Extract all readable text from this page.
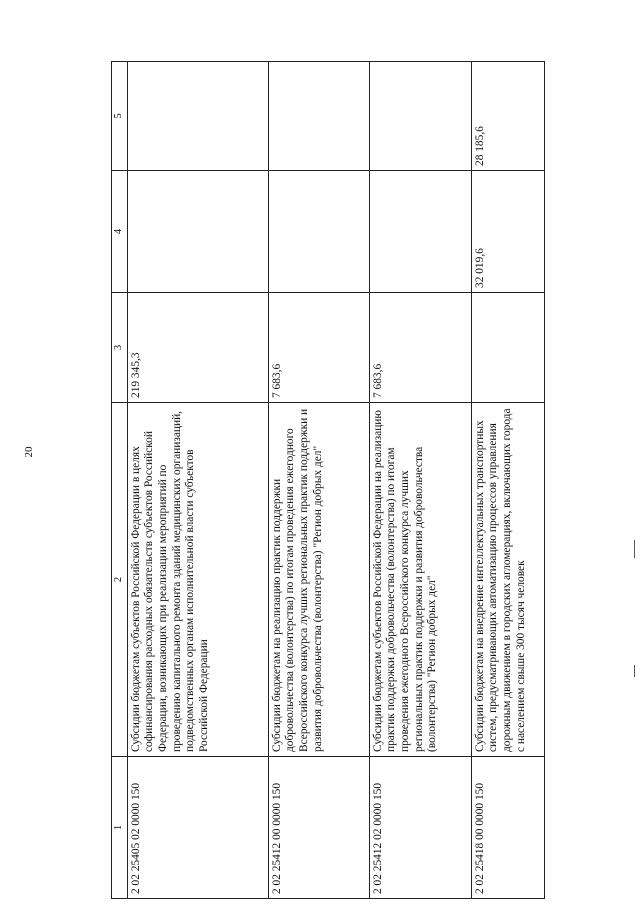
20
1	2	3	4	5
2 02 25405 02 0000 150	Субсидии бюджетам субъектов Российской Федерации в целях софинансирования расходных обязательств субъектов Российской Федерации, возникающих при реализации мероприятий по проведению капитального ремонта зданий медицинских организаций, подведомственных органам исполнительной власти субъектов Российской Федерации	219 345,3		
2 02 25412 00 0000 150	Субсидии бюджетам на реализацию практик поддержки добровольчества (волонтерства) по итогам проведения ежегодного Всероссийского конкурса лучших региональных практик поддержки и развития добровольчества (волонтерства) "Регион добрых дел"	7 683,6		
2 02 25412 02 0000 150	Субсидии бюджетам субъектов Российской Федерации на реализацию практик поддержки добровольчества (волонтерства) по итогам проведения ежегодного Всероссийского конкурса лучших региональных практик поддержки и развития добровольчества (волонтерства) "Регион добрых дел"	7 683,6		
2 02 25418 00 0000 150	Субсидии бюджетам на внедрение интеллектуальных транспортных систем, предусматривающих автоматизацию процессов управления дорожным движением в городских агломерациях, включающих города с населением свыше 300 тысяч человек		32 019,6	28 185,6
